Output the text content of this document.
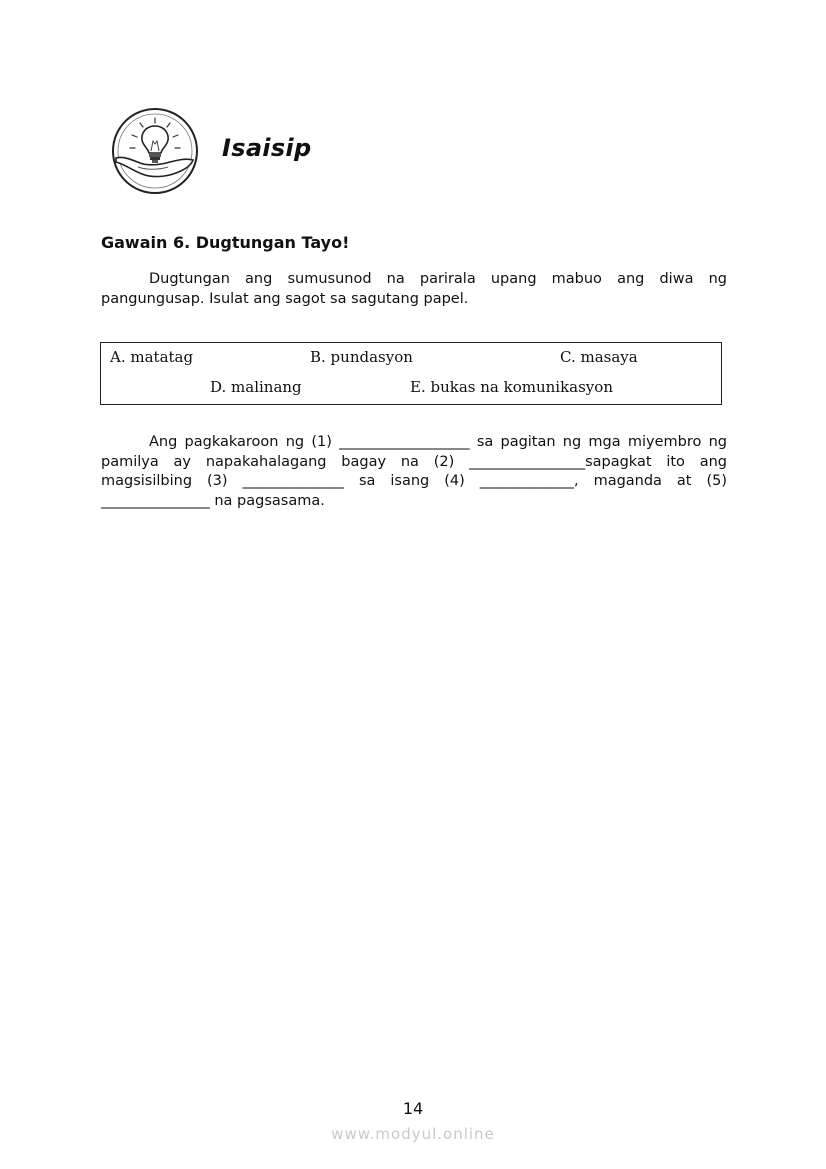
Isaisip
Gawain 6. Dugtungan Tayo!
Dugtungan ang sumusunod na parirala upang mabuo ang diwa ng pangungusap. Isulat ang sagot sa sagutang papel.
A. matatag	B. pundasyon	C. masaya
D. malinang	E. bukas na komunikasyon
Ang pagkakaroon ng (1) __________________ sa pagitan ng mga miyembro ng pamilya ay napakahalagang bagay na (2) ________________sapagkat ito ang magsisilbing (3) ______________ sa isang (4) _____________, maganda at (5) _______________ na pagsasama.
14
www.modyul.online
